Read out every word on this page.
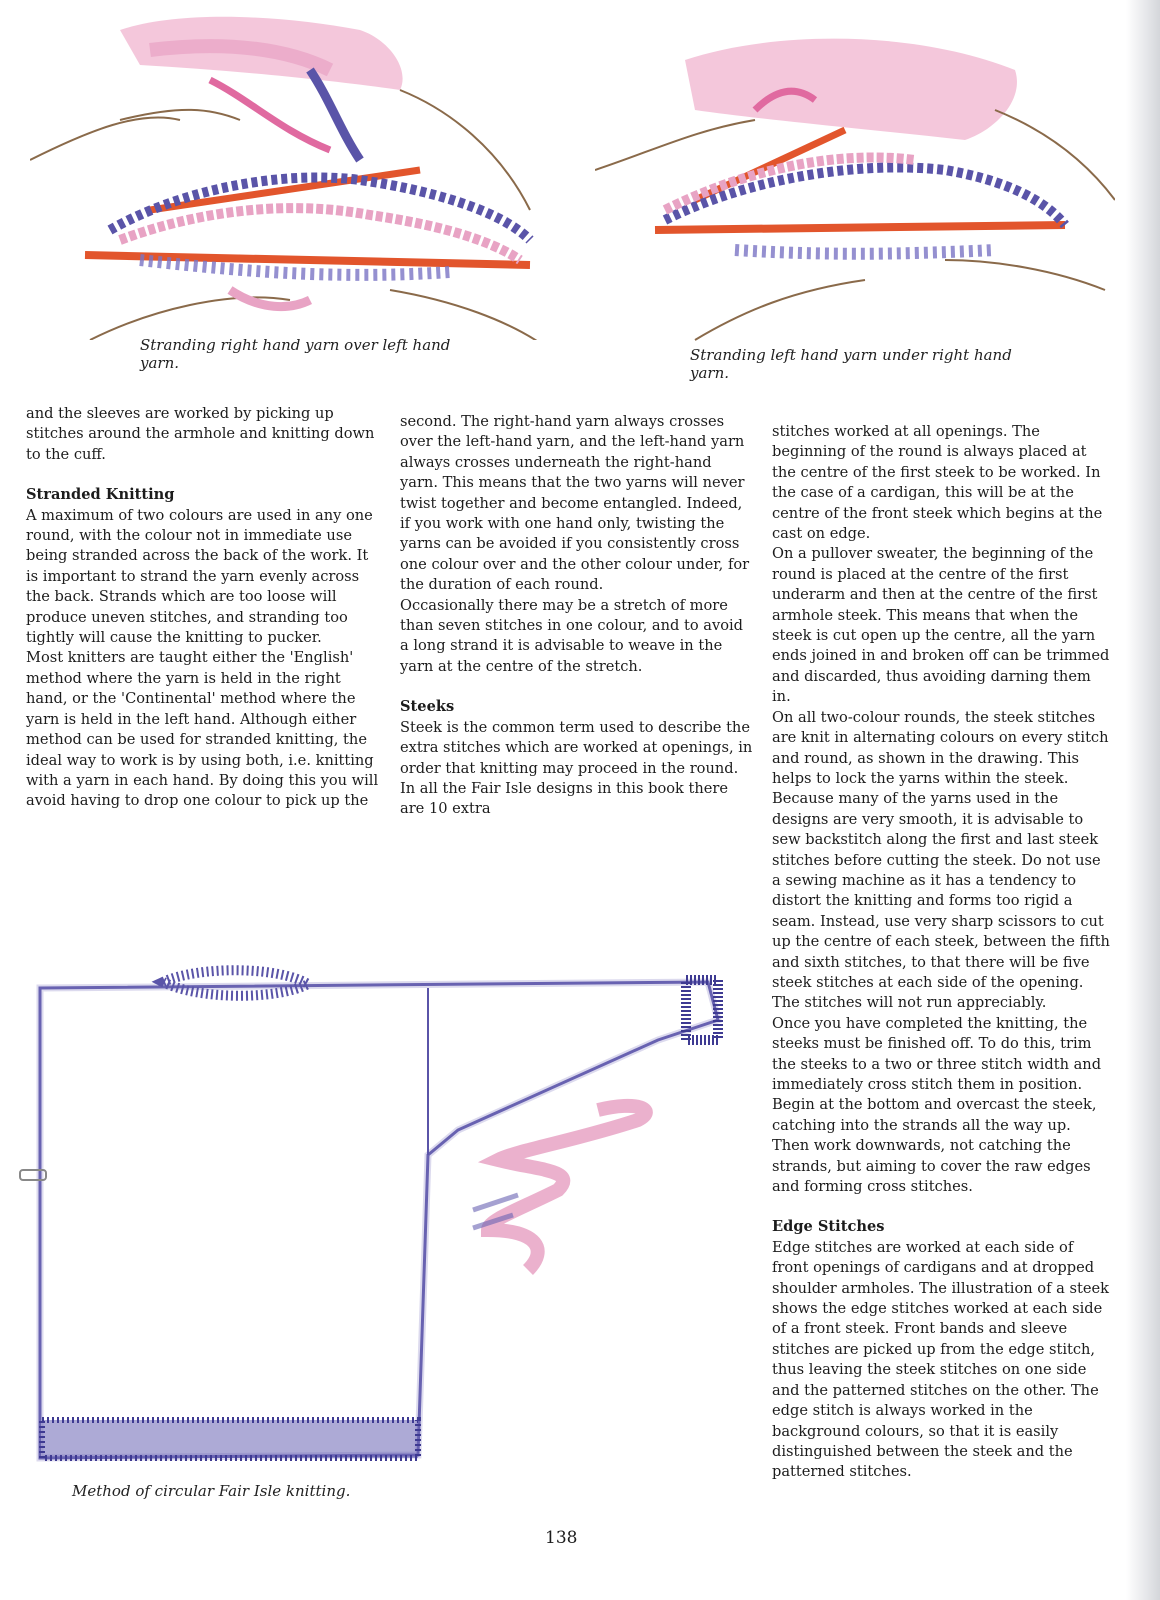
Stranding right hand yarn over left hand yarn.	Stranding left hand yarn under right hand yarn.

and the sleeves are worked by picking up stitches around the armhole and knitting down to the cuff.

Stranded Knitting

A maximum of two colours are used in any one round, with the colour not in immediate use being stranded across the back of the work. It is important to strand the yarn evenly across the back. Strands which are too loose will produce uneven stitches, and stranding too tightly will cause the knitting to pucker.

Most knitters are taught either the 'English' method where the yarn is held in the right hand, or the 'Continental' method where the yarn is held in the left hand. Although either method can be used for stranded knitting, the ideal way to work is by using both, i.e. knitting with a yarn in each hand. By doing this you will avoid having to drop one colour to pick up the

second. The right-hand yarn always crosses over the left-hand yarn, and the left-hand yarn always crosses underneath the right-hand yarn. This means that the two yarns will never twist together and become entangled. Indeed, if you work with one hand only, twisting the yarns can be avoided if you consistently cross one colour over and the other colour under, for the duration of each round.

Occasionally there may be a stretch of more than seven stitches in one colour, and to avoid a long strand it is advisable to weave in the yarn at the centre of the stretch.

Steeks

Steek is the common term used to describe the extra stitches which are worked at openings, in order that knitting may proceed in the round. In all the Fair Isle designs in this book there are 10 extra

stitches worked at all openings. The beginning of the round is always placed at the centre of the first steek to be worked. In the case of a cardigan, this will be at the centre of the front steek which begins at the cast on edge.

On a pullover sweater, the beginning of the round is placed at the centre of the first underarm and then at the centre of the first armhole steek. This means that when the steek is cut open up the centre, all the yarn ends joined in and broken off can be trimmed and discarded, thus avoiding darning them in.

On all two-colour rounds, the steek stitches are knit in alternating colours on every stitch and round, as shown in the drawing. This helps to lock the yarns within the steek. Because many of the yarns used in the designs are very smooth, it is advisable to sew backstitch along the first and last steek stitches before cutting the steek. Do not use a sewing machine as it has a tendency to distort the knitting and forms too rigid a seam. Instead, use very sharp scissors to cut up the centre of each steek, between the fifth and sixth stitches, to that there will be five steek stitches at each side of the opening. The stitches will not run appreciably.

Once you have completed the knitting, the steeks must be finished off. To do this, trim the steeks to a two or three stitch width and immediately cross stitch them in position. Begin at the bottom and overcast the steek, catching into the strands all the way up. Then work downwards, not catching the strands, but aiming to cover the raw edges and forming cross stitches.

Edge Stitches

Edge stitches are worked at each side of front openings of cardigans and at dropped shoulder armholes. The illustration of a steek shows the edge stitches worked at each side of a front steek. Front bands and sleeve stitches are picked up from the edge stitch, thus leaving the steek stitches on one side and the patterned stitches on the other. The edge stitch is always worked in the background colours, so that it is easily distinguished between the steek and the patterned stitches.

Method of circular Fair Isle knitting.
138
